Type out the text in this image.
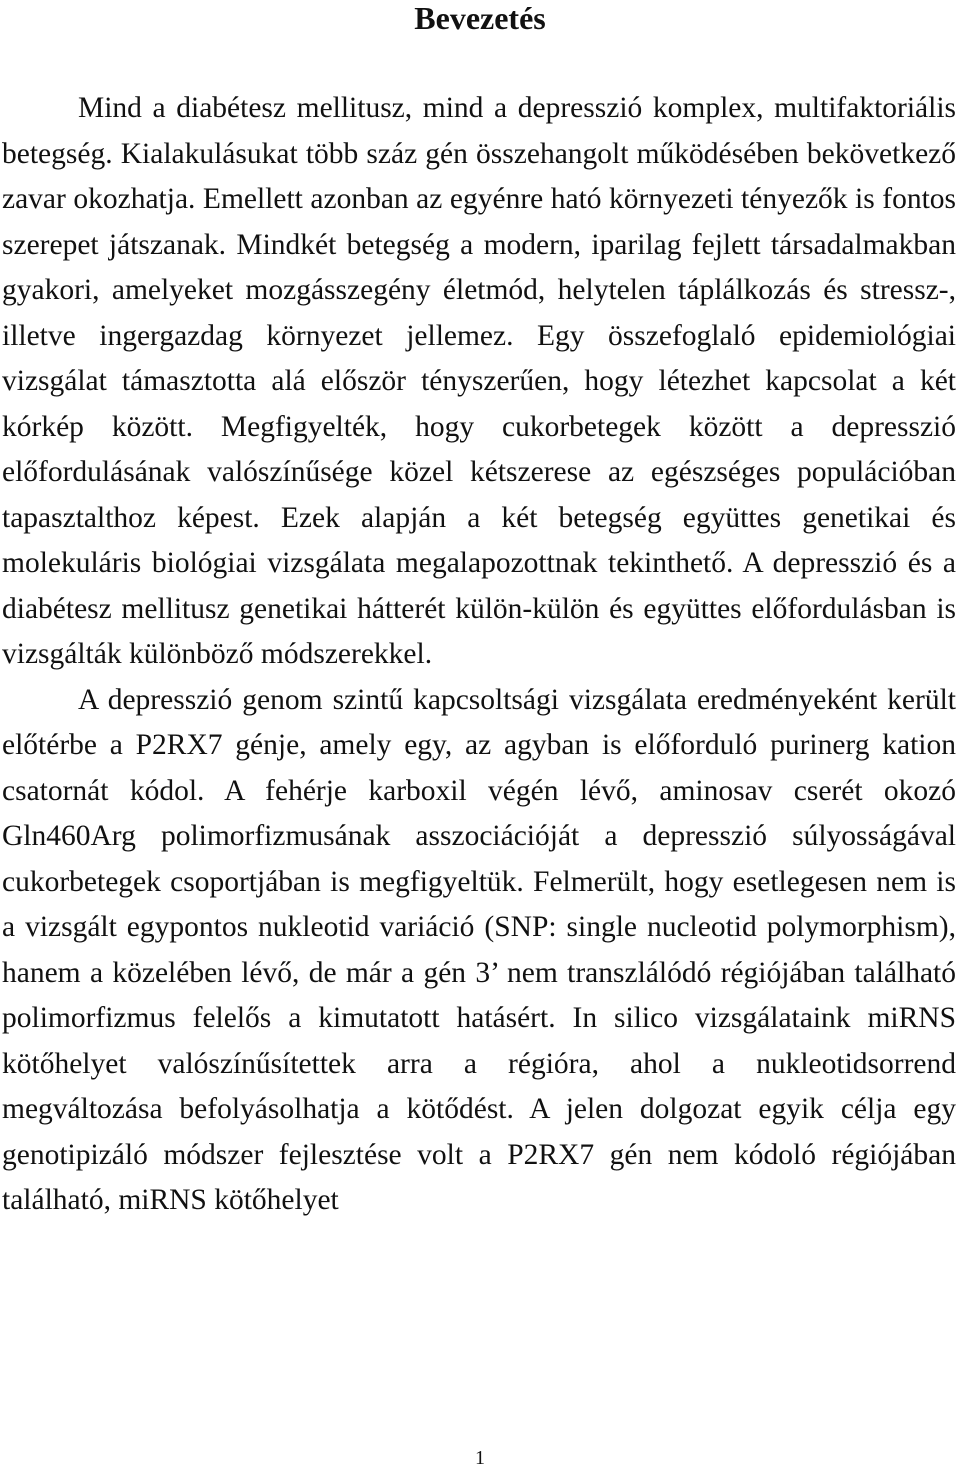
Bevezetés

Mind a diabétesz mellitusz, mind a depresszió komplex, multifaktoriális betegség. Kialakulásukat több száz gén összehangolt működésében bekövetkező zavar okozhatja. Emellett azonban az egyénre ható környezeti tényezők is fontos szerepet játszanak. Mindkét betegség a modern, iparilag fejlett társadalmakban gyakori, amelyeket mozgásszegény életmód, helytelen táplálkozás és stressz-, illetve ingergazdag környezet jellemez. Egy összefoglaló epidemiológiai vizsgálat támasztotta alá először tényszerűen, hogy létezhet kapcsolat a két kórkép között. Megfigyelték, hogy cukorbetegek között a depresszió előfordulásának valószínűsége közel kétszerese az egészséges populációban tapasztalthoz képest. Ezek alapján a két betegség együttes genetikai és molekuláris biológiai vizsgálata megalapozottnak tekinthető. A depresszió és a diabétesz mellitusz genetikai hátterét külön-külön és együttes előfordulásban is vizsgálták különböző módszerekkel.

A depresszió genom szintű kapcsoltsági vizsgálata eredményeként került előtérbe a P2RX7 génje, amely egy, az agyban is előforduló purinerg kation csatornát kódol. A fehérje karboxil végén lévő, aminosav cserét okozó Gln460Arg polimorfizmusának asszociációját a depresszió súlyosságával cukorbetegek csoportjában is megfigyeltük. Felmerült, hogy esetlegesen nem is a vizsgált egypontos nukleotid variáció (SNP: single nucleotid polymorphism), hanem a közelében lévő, de már a gén 3’ nem transzlálódó régiójában található polimorfizmus felelős a kimutatott hatásért. In silico vizsgálataink miRNS kötőhelyet valószínűsítettek arra a régióra, ahol a nukleotidsorrend megváltozása befolyásolhatja a kötődést. A jelen dolgozat egyik célja egy genotipizáló módszer fejlesztése volt a P2RX7 gén nem kódoló régiójában található, miRNS kötőhelyet

1
